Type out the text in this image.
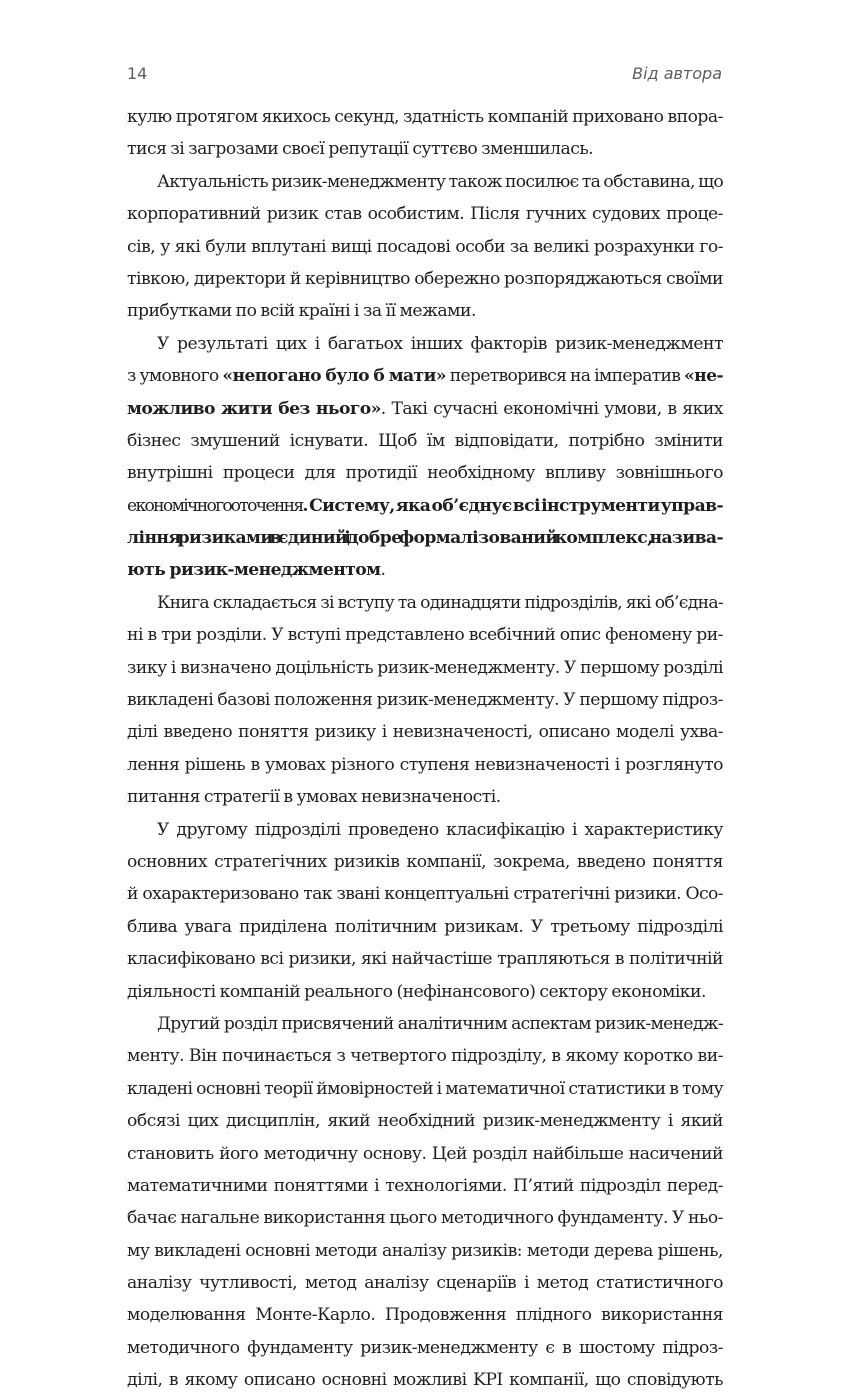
14	Від автора
кулю протягом якихось секунд, здатність компаній приховано впора-
тися зі загрозами своєї репутації суттєво зменшилась.
Актуальність ризик-менеджменту також посилює та обставина, що
корпоративний ризик став особистим. Після гучних судових проце-
сів, у які були вплутані вищі посадові особи за великі розрахунки го-
тівкою, директори й керівництво обережно розпоряджаються своїми
прибутками по всій країні і за її межами.
У результаті цих і багатьох інших факторів ризик-менеджмент
з умовного «непогано було б мати» перетворився на імператив «не-
можливо жити без нього». Такі сучасні економічні умови, в яких
бізнес змушений існувати. Щоб їм відповідати, потрібно змінити
внутрішні процеси для протидії необхідному впливу зовнішнього
економічного оточення. Систему, яка об’єднує всі інструменти управ-
ління ризиками в єдиний і добре формалізований комплекс, назива-
ють ризик-менеджментом.
Книга складається зі вступу та одинадцяти підрозділів, які об’єдна-
ні в три розділи. У вступі представлено всебічний опис феномену ри-
зику і визначено доцільність ризик-менеджменту. У першому розділі
викладені базові положення ризик-менеджменту. У першому підроз-
ділі введено поняття ризику і невизначеності, описано моделі ухва-
лення рішень в умовах різного ступеня невизначеності і розглянуто
питання стратегії в умовах невизначеності.
У другому підрозділі проведено класифікацію і характеристику
основних стратегічних ризиків компанії, зокрема, введено поняття
й охарактеризовано так звані концептуальні стратегічні ризики. Осо-
блива увага приділена політичним ризикам. У третьому підрозділі
класифіковано всі ризики, які найчастіше трапляються в політичній
діяльності компаній реального (нефінансового) сектору економіки.
Другий розділ присвячений аналітичним аспектам ризик-менедж-
менту. Він починається з четвертого підрозділу, в якому коротко ви-
кладені основні теорії ймовірностей і математичної статистики в тому
обсязі цих дисциплін, який необхідний ризик-менеджменту і який
становить його методичну основу. Цей розділ найбільше насичений
математичними поняттями і технологіями. П’ятий підрозділ перед-
бачає нагальне використання цього методичного фундаменту. У ньо-
му викладені основні методи аналізу ризиків: методи дерева рішень,
аналізу чутливості, метод аналізу сценаріїв і метод статистичного
моделювання Монте-Карло. Продовження плідного використання
методичного фундаменту ризик-менеджменту є в шостому підроз-
ділі, в якому описано основні можливі KPI компанії, що сповідують
